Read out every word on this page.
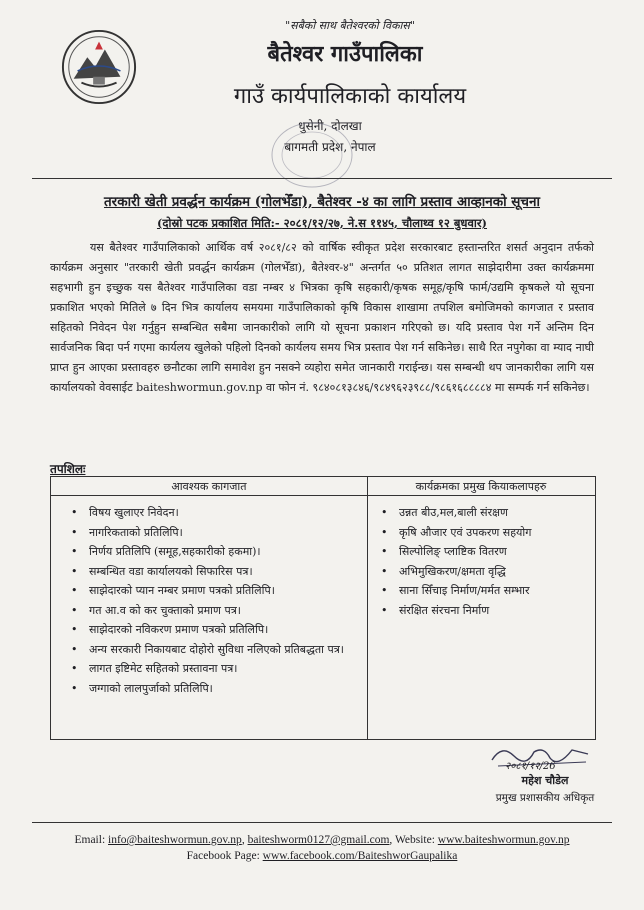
"सबैको साथ बैतेश्वरको विकास"
बैतेश्वर गाउँपालिका
गाउँ कार्यपालिकाको कार्यालय
धुसेनी, दोलखा
बागमती प्रदेश, नेपाल
तरकारी खेती प्रवर्द्धन कार्यक्रम (गोलभेँडा), बैतेश्वर -४ का लागि प्रस्ताव आव्हानको सूचना
(दोस्रो पटक प्रकाशित मिति:- २०८१/१२/२७, ने.स ११४५, चौलाथ्व १२ बुधवार)

यस बैतेश्वर गाउँपालिकाको आर्थिक वर्ष २०८१/८२ को वार्षिक स्वीकृत प्रदेश सरकारबाट हस्तान्तरित शसर्त अनुदान तर्फको कार्यक्रम अनुसार "तरकारी खेती प्रवर्द्धन कार्यक्रम (गोलभेँडा), बैतेश्वर-४" अन्तर्गत ५० प्रतिशत लागत साझेदारीमा उक्त कार्यक्रममा सहभागी हुन इच्छुक यस बैतेश्वर गाउँपालिका वडा नम्बर ४ भित्रका कृषि सहकारी/कृषक समूह/कृषि फार्म/उद्यमि कृषकले यो सूचना प्रकाशित भएको मितिले ७ दिन भित्र कार्यालय समयमा गाउँपालिकाको कृषि विकास शाखामा तपशिल बमोजिमको कागजात र प्रस्ताव सहितको निवेदन पेश गर्नुहुन सम्बन्धित सबैमा जानकारीको लागि यो सूचना प्रकाशन गरिएको छ। यदि प्रस्ताव पेश गर्ने अन्तिम दिन सार्वजनिक बिदा पर्न गएमा कार्यलय खुलेको पहिलो दिनको कार्यलय समय भित्र प्रस्ताव पेश गर्न सकिनेछ। साथै रित नपुगेका वा म्याद नाघी प्राप्त हुन आएका प्रस्तावहरु छनौटका लागि समावेश हुन नसक्ने व्यहोरा समेत जानकारी गराईन्छ। यस सम्बन्धी थप जानकारीका लागि यस कार्यालयको वेवसाईट baiteshwormun.gov.np वा फोन नं. ९८४०८१३८४६/९८४९६२३९८८/९८६१६८८८८४ मा सम्पर्क गर्न सकिनेछ।

तपशिलः
आवश्यक कागजात	कार्यक्रमका प्रमुख कियाकलापहरु
• विषय खुलाएर निवेदन।
• नागरिकताको प्रतिलिपि।
• निर्णय प्रतिलिपि (समूह,सहकारीको हकमा)।
• सम्बन्धित वडा कार्यालयको सिफारिस पत्र।
• साझेदारको प्यान नम्बर प्रमाण पत्रको प्रतिलिपि।
• गत आ.व को कर चुक्ताको प्रमाण पत्र।
• साझेदारको नविकरण प्रमाण पत्रको प्रतिलिपि।
• अन्य सरकारी निकायबाट दोहोरो सुविधा नलिएको प्रतिबद्धता पत्र।
• लागत इष्टिमेट सहितको प्रस्तावना पत्र।
• जग्गाको लालपुर्जाको प्रतिलिपि।
• उन्नत बीउ,मल,बाली संरक्षण
• कृषि औजार एवं उपकरण सहयोग
• सिल्पोलिङ् प्लाष्टिक वितरण
• अभिमुखिकरण/क्षमता वृद्धि
• साना सिँचाइ निर्माण/मर्मत सम्भार
• संरक्षित संरचना निर्माण
२०८१/१२/26
महेश चौडेल
प्रमुख प्रशासकीय अधिकृत
Email: info@baiteshwormun.gov.np, baiteshworm0127@gmail.com, Website: www.baiteshwormun.gov.np
Facebook Page: www.facebook.com/BaiteshworGaupalika
